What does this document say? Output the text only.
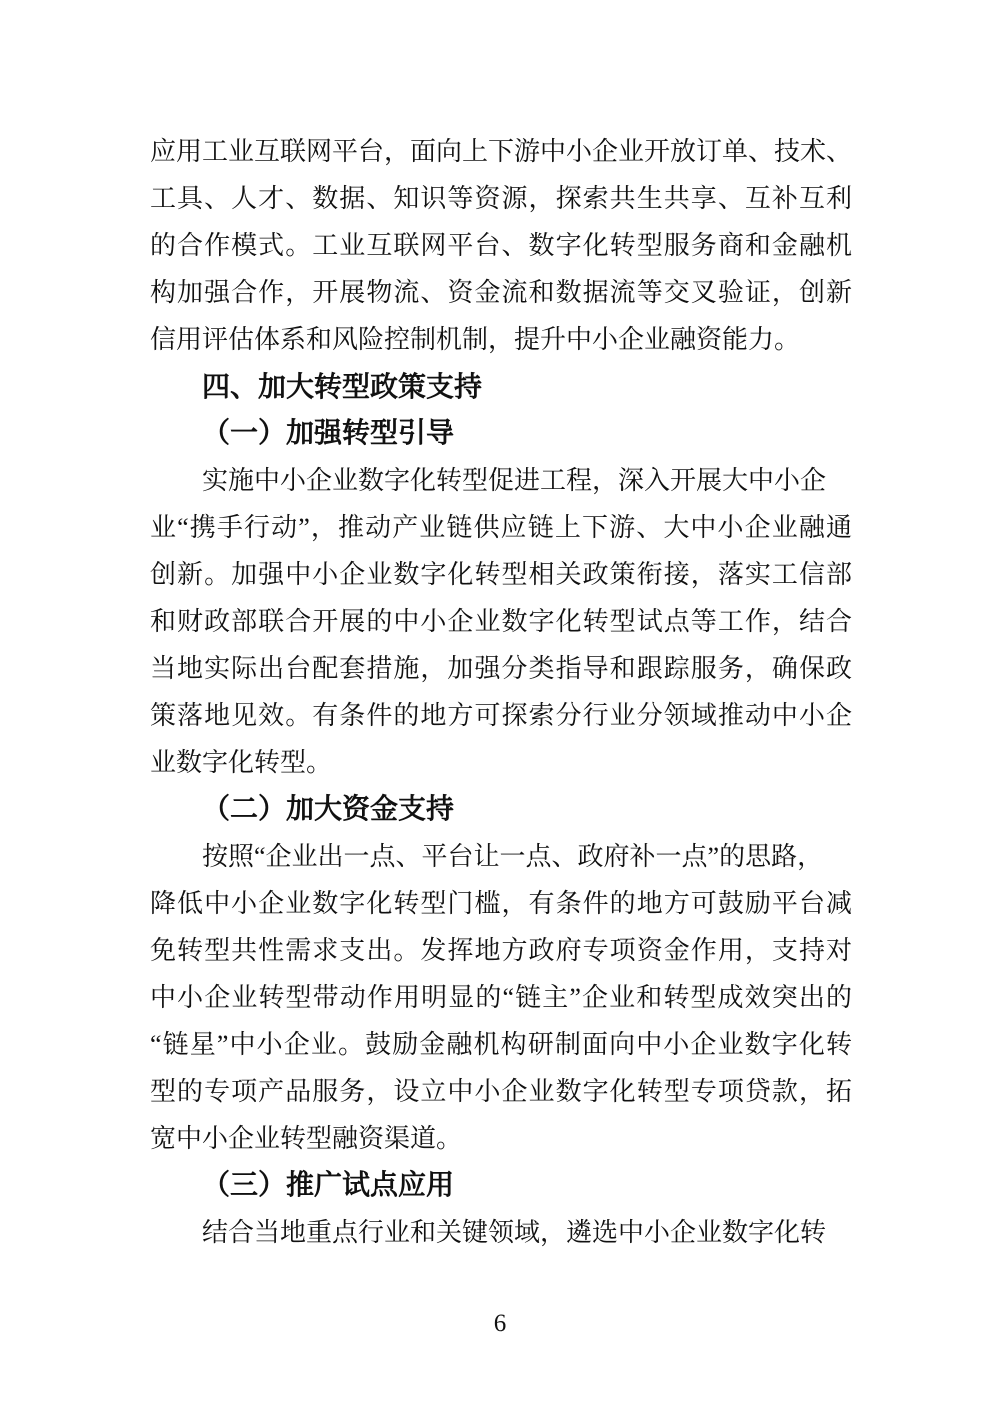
应用工业互联网平台，面向上下游中小企业开放订单、技术、

工具、人才、数据、知识等资源，探索共生共享、互补互利

的合作模式。工业互联网平台、数字化转型服务商和金融机

构加强合作，开展物流、资金流和数据流等交叉验证，创新

信用评估体系和风险控制机制，提升中小企业融资能力。

四、加大转型政策支持

（一）加强转型引导

实施中小企业数字化转型促进工程，深入开展大中小企

业“携手行动”，推动产业链供应链上下游、大中小企业融通

创新。加强中小企业数字化转型相关政策衔接，落实工信部

和财政部联合开展的中小企业数字化转型试点等工作，结合

当地实际出台配套措施，加强分类指导和跟踪服务，确保政

策落地见效。有条件的地方可探索分行业分领域推动中小企

业数字化转型。

（二）加大资金支持

按照“企业出一点、平台让一点、政府补一点”的思路，

降低中小企业数字化转型门槛，有条件的地方可鼓励平台减

免转型共性需求支出。发挥地方政府专项资金作用，支持对

中小企业转型带动作用明显的“链主”企业和转型成效突出的

“链星”中小企业。鼓励金融机构研制面向中小企业数字化转

型的专项产品服务，设立中小企业数字化转型专项贷款，拓

宽中小企业转型融资渠道。

（三）推广试点应用

结合当地重点行业和关键领域，遴选中小企业数字化转

6
